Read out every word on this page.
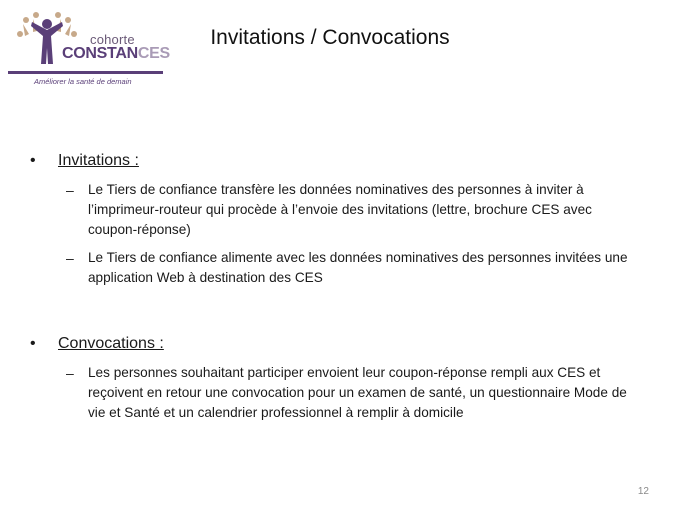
cohorte
CONSTANCES
Améliorer la santé de demain
Invitations / Convocations
•	Invitations :
–	Le Tiers de confiance transfère les données nominatives des personnes à inviter à l’imprimeur-routeur qui procède à l’envoie des invitations (lettre, brochure CES avec coupon-réponse)
–	Le Tiers de confiance alimente avec les données nominatives des personnes invitées une application Web à destination des CES
•	Convocations :
–	Les personnes souhaitant participer envoient leur coupon-réponse rempli aux CES et reçoivent en retour une convocation pour un examen de santé, un questionnaire Mode de vie et Santé et un calendrier professionnel à remplir à domicile
12
